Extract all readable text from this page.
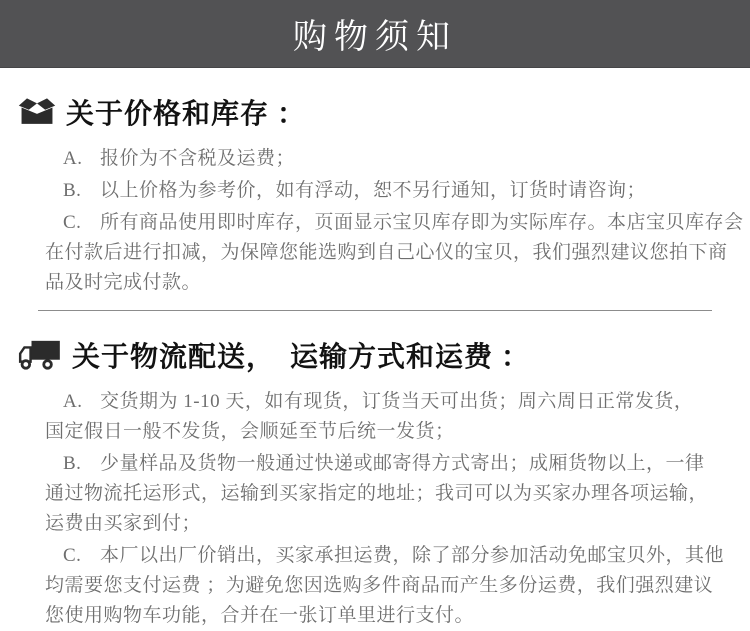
购物须知
关于价格和库存 ：

A. 报价为不含税及运费；

B. 以上价格为参考价，如有浮动，恕不另行通知，订货时请咨询；

C. 所有商品使用即时库存，页面显示宝贝库存即为实际库存。本店宝贝库存会

在付款后进行扣减，为保障您能选购到自己心仪的宝贝，我们强烈建议您拍下商

品及时完成付款。

关于物流配送，　运输方式和运费 ：

A. 交货期为 1-10 天，如有现货，订货当天可出货；周六周日正常发货，

国定假日一般不发货，会顺延至节后统一发货；

B. 少量样品及货物一般通过快递或邮寄得方式寄出；成厢货物以上，一律

通过物流托运形式，运输到买家指定的地址；我司可以为买家办理各项运输，

运费由买家到付；

C. 本厂以出厂价销出，买家承担运费，除了部分参加活动免邮宝贝外，其他

均需要您支付运费 ；为避免您因选购多件商品而产生多份运费，我们强烈建议

您使用购物车功能，合并在一张订单里进行支付。
